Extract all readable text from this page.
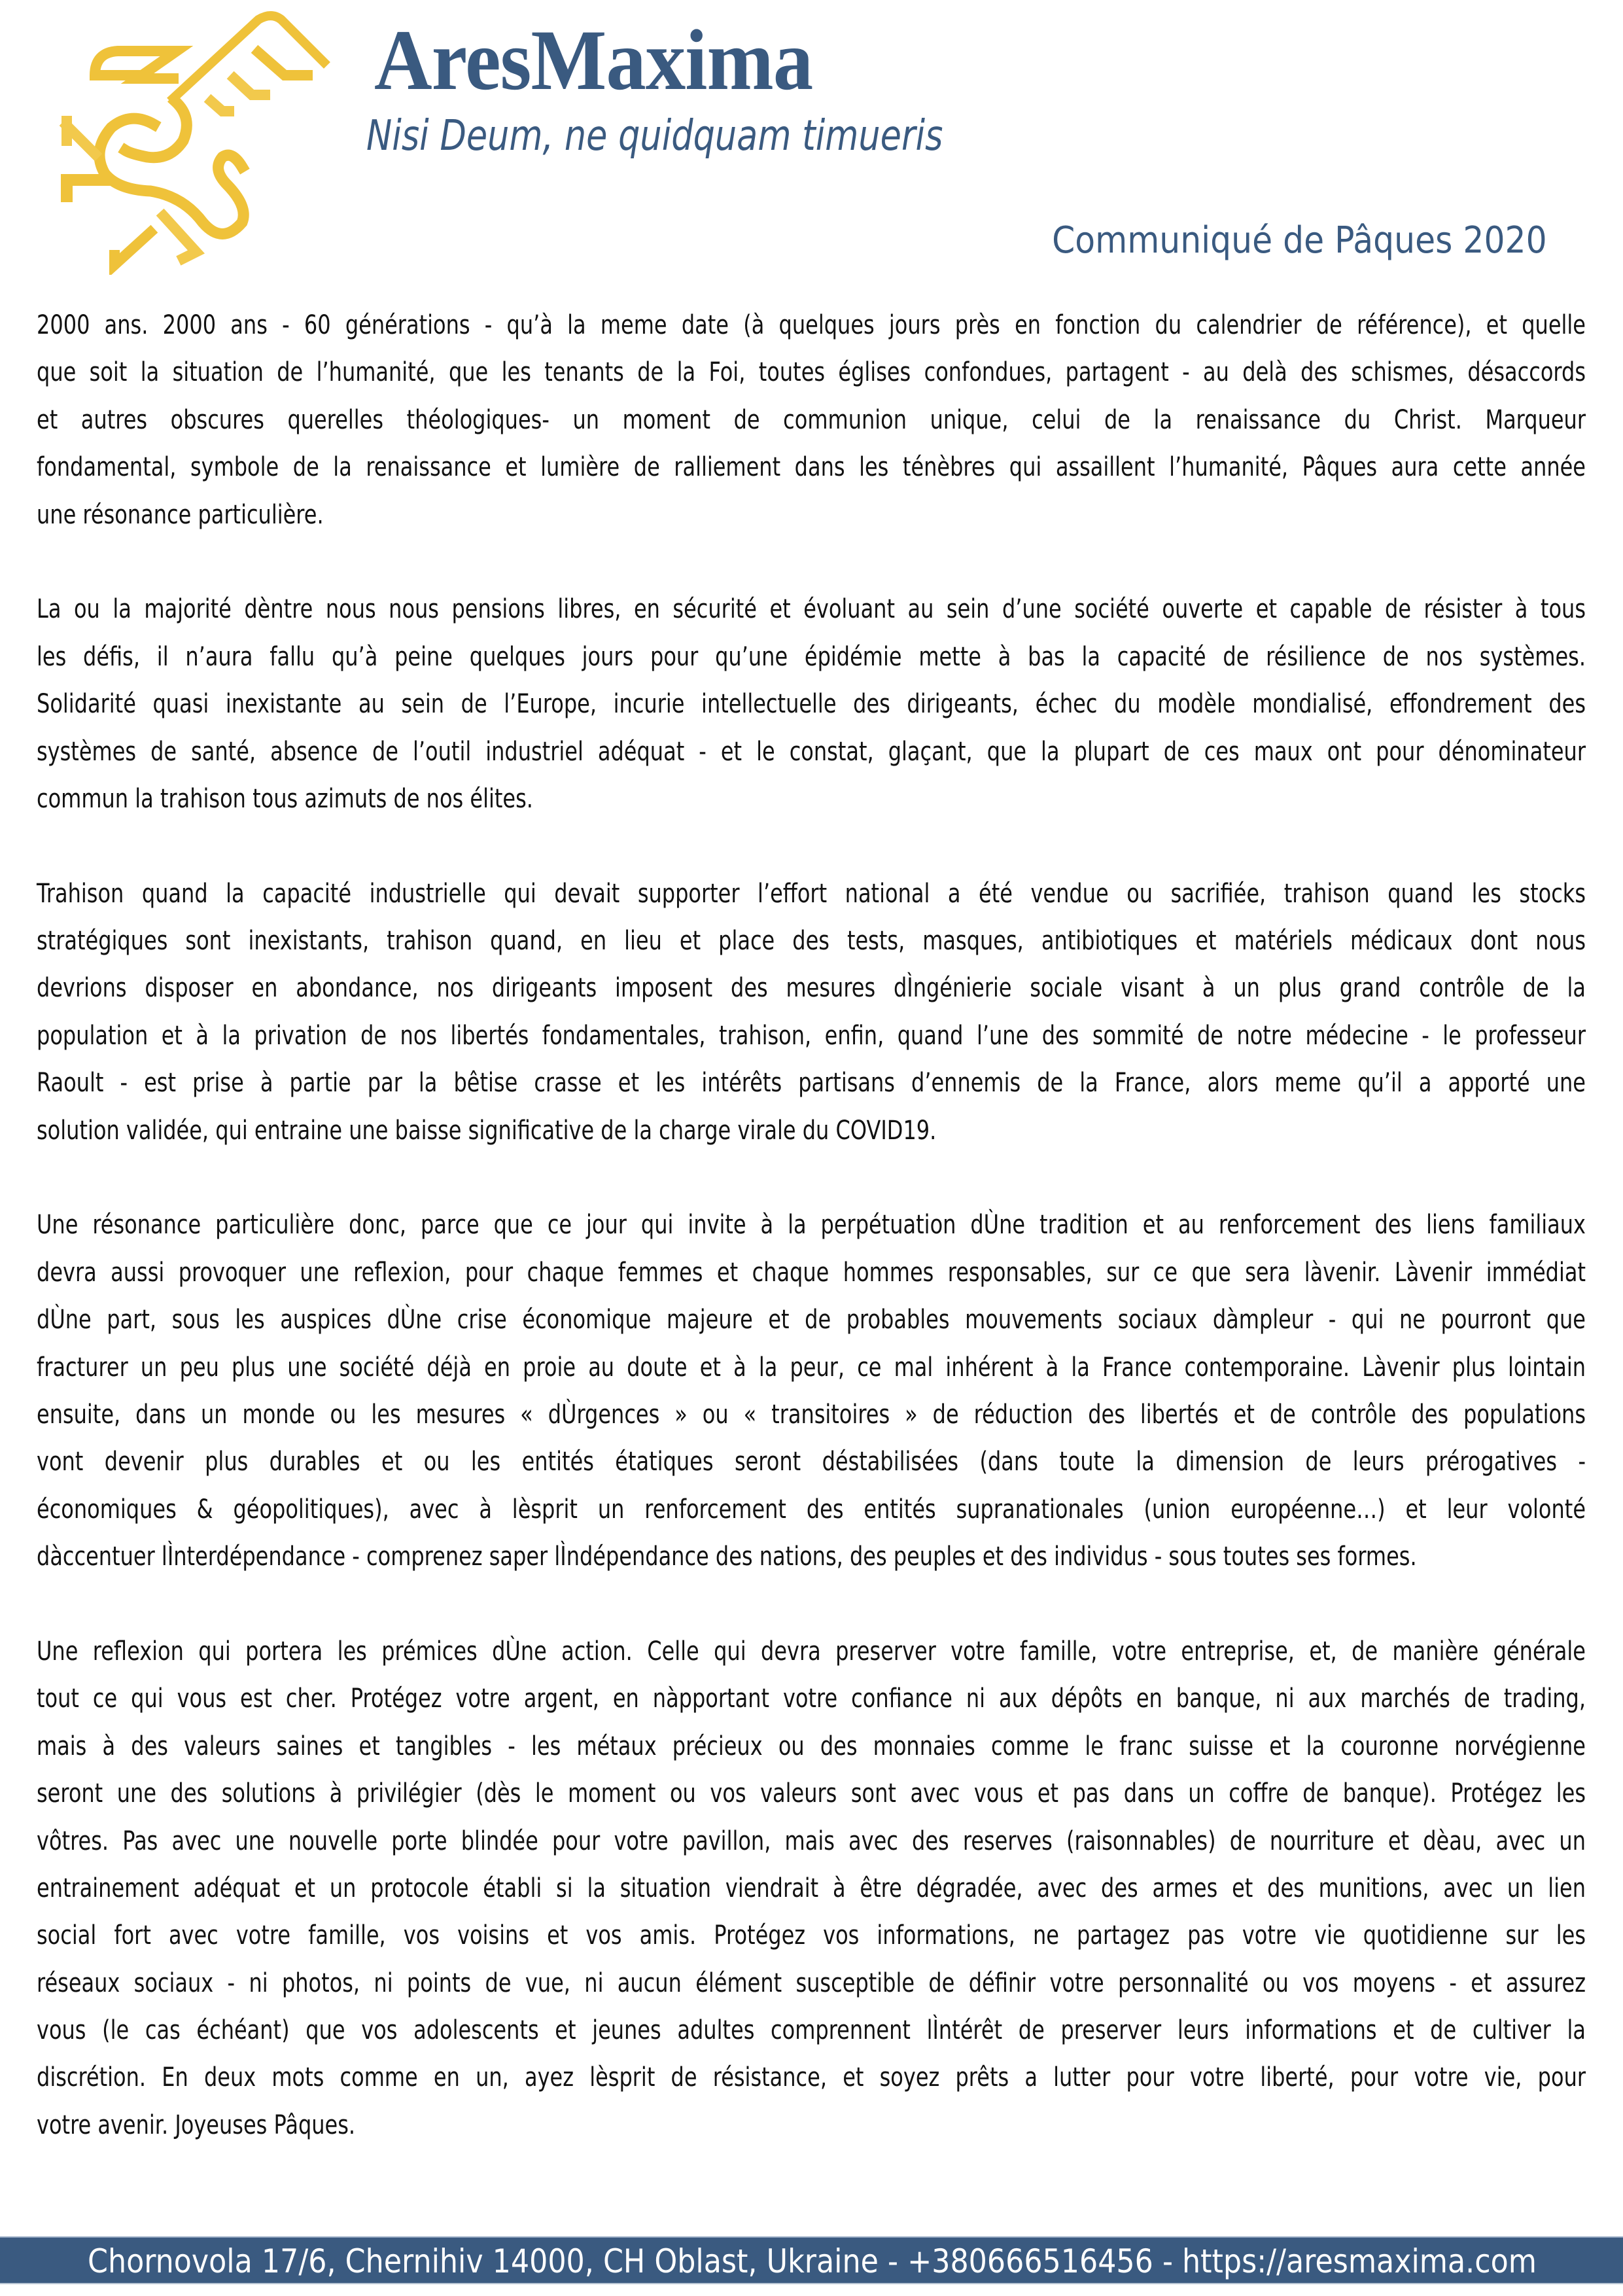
AresMaxima
Nisi Deum, ne quidquam timueris
Communiqué de Pâques 2020
2000 ans. 2000 ans - 60 générations - qu’à la meme date (à quelques jours près en fonction du calendrier de référence), et quelle
que soit la situation de l’humanité, que les tenants de la Foi, toutes églises confondues, partagent - au delà des schismes, désaccords
et autres obscures querelles théologiques- un moment de communion unique, celui de la renaissance du Christ. Marqueur
fondamental, symbole de la renaissance et lumière de ralliement dans les ténèbres qui assaillent l’humanité, Pâques aura cette année
une résonance particulière.
La ou la majorité dèntre nous nous pensions libres, en sécurité et évoluant au sein d’une société ouverte et capable de résister à tous
les défis, il n’aura fallu qu’à peine quelques jours pour qu’une épidémie mette à bas la capacité de résilience de nos systèmes.
Solidarité quasi inexistante au sein de l’Europe, incurie intellectuelle des dirigeants, échec du modèle mondialisé, effondrement des
systèmes de santé, absence de l’outil industriel adéquat - et le constat, glaçant, que la plupart de ces maux ont pour dénominateur
commun la trahison tous azimuts de nos élites.
Trahison quand la capacité industrielle qui devait supporter l’effort national a été vendue ou sacrifiée, trahison quand les stocks
stratégiques sont inexistants, trahison quand, en lieu et place des tests, masques, antibiotiques et matériels médicaux dont nous
devrions disposer en abondance, nos dirigeants imposent des mesures dÌngénierie sociale visant à un plus grand contrôle de la
population et à la privation de nos libertés fondamentales, trahison, enfin, quand l’une des sommité de notre médecine - le professeur
Raoult - est prise à partie par la bêtise crasse et les intérêts partisans d’ennemis de la France, alors meme qu’il a apporté une
solution validée, qui entraine une baisse significative de la charge virale du COVID19.
Une résonance particulière donc, parce que ce jour qui invite à la perpétuation dÙne tradition et au renforcement des liens familiaux
devra aussi provoquer une reflexion, pour chaque femmes et chaque hommes responsables, sur ce que sera làvenir. Làvenir immédiat
dÙne part, sous les auspices dÙne crise économique majeure et de probables mouvements sociaux dàmpleur - qui ne pourront que
fracturer un peu plus une société déjà en proie au doute et à la peur, ce mal inhérent à la France contemporaine. Làvenir plus lointain
ensuite, dans un monde ou les mesures « dÙrgences » ou « transitoires » de réduction des libertés et de contrôle des populations
vont devenir plus durables et ou les entités étatiques seront déstabilisées (dans toute la dimension de leurs prérogatives -
économiques & géopolitiques), avec à lèsprit un renforcement des entités supranationales (union européenne…) et leur volonté
dàccentuer lÌnterdépendance - comprenez saper lÌndépendance des nations, des peuples et des individus - sous toutes ses formes.
Une reflexion qui portera les prémices dÙne action. Celle qui devra preserver votre famille, votre entreprise, et, de manière générale
tout ce qui vous est cher. Protégez votre argent, en nàpportant votre confiance ni aux dépôts en banque, ni aux marchés de trading,
mais à des valeurs saines et tangibles - les métaux précieux ou des monnaies comme le franc suisse et la couronne norvégienne
seront une des solutions à privilégier (dès le moment ou vos valeurs sont avec vous et pas dans un coffre de banque). Protégez les
vôtres. Pas avec une nouvelle porte blindée pour votre pavillon, mais avec des reserves (raisonnables) de nourriture et dèau, avec un
entrainement adéquat et un protocole établi si la situation viendrait à être dégradée, avec des armes et des munitions, avec un lien
social fort avec votre famille, vos voisins et vos amis. Protégez vos informations, ne partagez pas votre vie quotidienne sur les
réseaux sociaux - ni photos, ni points de vue, ni aucun élément susceptible de définir votre personnalité ou vos moyens - et assurez
vous (le cas échéant) que vos adolescents et jeunes adultes comprennent lÌntérêt de preserver leurs informations et de cultiver la
discrétion. En deux mots comme en un, ayez lèsprit de résistance, et soyez prêts a lutter pour votre liberté, pour votre vie, pour
votre avenir. Joyeuses Pâques.
Chornovola 17/6, Chernihiv 14000, CH Oblast, Ukraine - +380666516456 - https://aresmaxima.com
